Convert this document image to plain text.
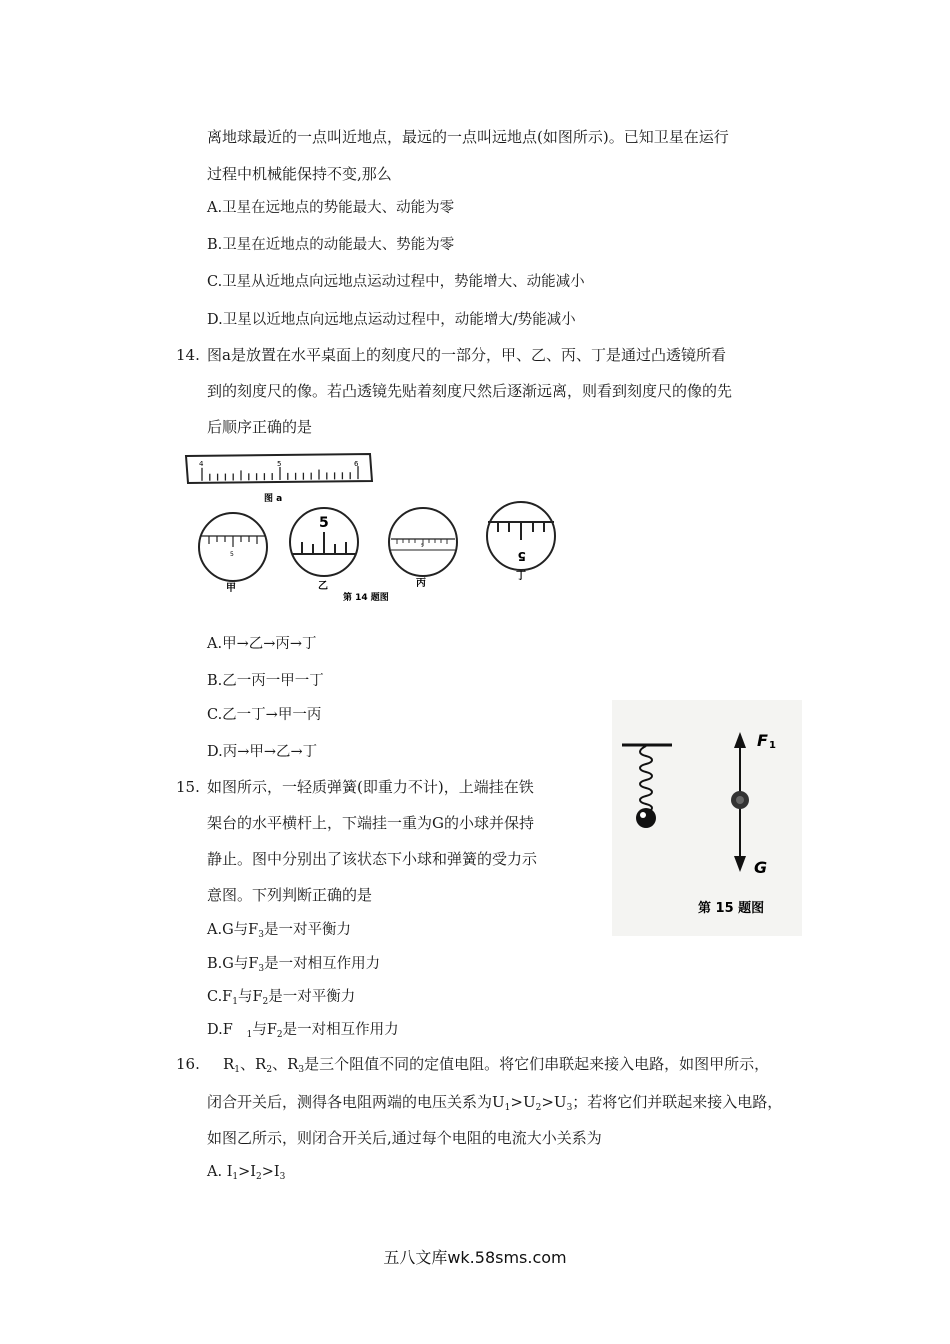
离地球最近的一点叫近地点，最远的一点叫远地点(如图所示)。已知卫星在运行
过程中机械能保持不变,那么
A.卫星在远地点的势能最大、动能为零
B.卫星在近地点的动能最大、势能为零
C.卫星从近地点向远地点运动过程中，势能增大、动能减小
D.卫星以近地点向远地点运动过程中，动能增大/势能减小
14. 图a是放置在水平桌面上的刻度尺的一部分，甲、乙、丙、丁是通过凸透镜所看
到的刻度尺的像。若凸透镜先贴着刻度尺然后逐渐远离，则看到刻度尺的像的先
后顺序正确的是
4	5	6
图 a
5
甲
5
乙
5
丙
5
丁
第 14 题图
A.甲→乙→丙→丁
B.乙一丙一甲一丁
C.乙一丁→甲一丙
D.丙→甲→乙→丁
15. 如图所示，一轻质弹簧(即重力不计)，上端挂在铁
架台的水平横杆上，下端挂一重为G的小球并保持
静止。图中分别出了该状态下小球和弹簧的受力示
意图。下列判断正确的是
F 1
G
第 15 题图
A.G与$F_3$是一对平衡力
B.G与$F_3$是一对相互作用力
$C.F_1$与$F_2$是一对平衡力
D.F $_1$与$F_2$是一对相互作用力
16. $R_1$、$R_2$、$R_3$是三个阻值不同的定值电阻。将它们串联起来接入电路，如图甲所示，
闭合开关后，测得各电阻两端的电压关系为$U_1>U_2>U_3$；若将它们并联起来接入电路，
如图乙所示，则闭合开关后,通过每个电阻的电流大小关系为
A. $I_1>I_2>I_3$
五八文库wk.58sms.com
